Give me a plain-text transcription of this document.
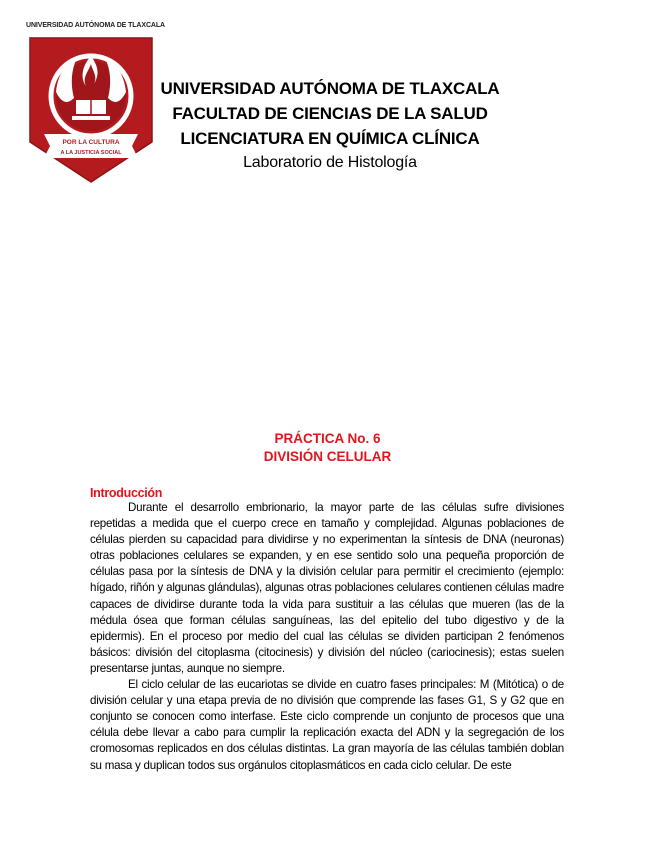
UNIVERSIDAD AUTÓNOMA DE TLAXCALA
POR LA CULTURA
A LA JUSTICIA SOCIAL
UNIVERSIDAD AUTÓNOMA DE TLAXCALA
FACULTAD DE CIENCIAS DE LA SALUD
LICENCIATURA EN QUÍMICA CLÍNICA
Laboratorio de Histología
PRÁCTICA No. 6
DIVISIÓN CELULAR
Introducción

Durante el desarrollo embrionario, la mayor parte de las células sufre divisiones repetidas a medida que el cuerpo crece en tamaño y complejidad. Algunas poblaciones de células pierden su capacidad para dividirse y no experimentan la síntesis de DNA (neuronas) otras poblaciones celulares se expanden, y en ese sentido solo una pequeña proporción de células pasa por la síntesis de DNA y la división celular para permitir el crecimiento (ejemplo: hígado, riñón y algunas glándulas), algunas otras poblaciones celulares contienen células madre capaces de dividirse durante toda la vida para sustituir a las células que mueren (las de la médula ósea que forman células sanguíneas, las del epitelio del tubo digestivo y de la epidermis). En el proceso por medio del cual las células se dividen participan 2 fenómenos básicos: división del citoplasma (citocinesis) y división del núcleo (cariocinesis); estas suelen presentarse juntas, aunque no siempre.

El ciclo celular de las eucariotas se divide en cuatro fases principales: M (Mitótica) o de división celular y una etapa previa de no división que comprende las fases G1, S y G2 que en conjunto se conocen como interfase. Este ciclo comprende un conjunto de procesos que una célula debe llevar a cabo para cumplir la replicación exacta del ADN y la segregación de los cromosomas replicados en dos células distintas. La gran mayoría de las células también doblan su masa y duplican todos sus orgánulos citoplasmáticos en cada ciclo celular. De este
